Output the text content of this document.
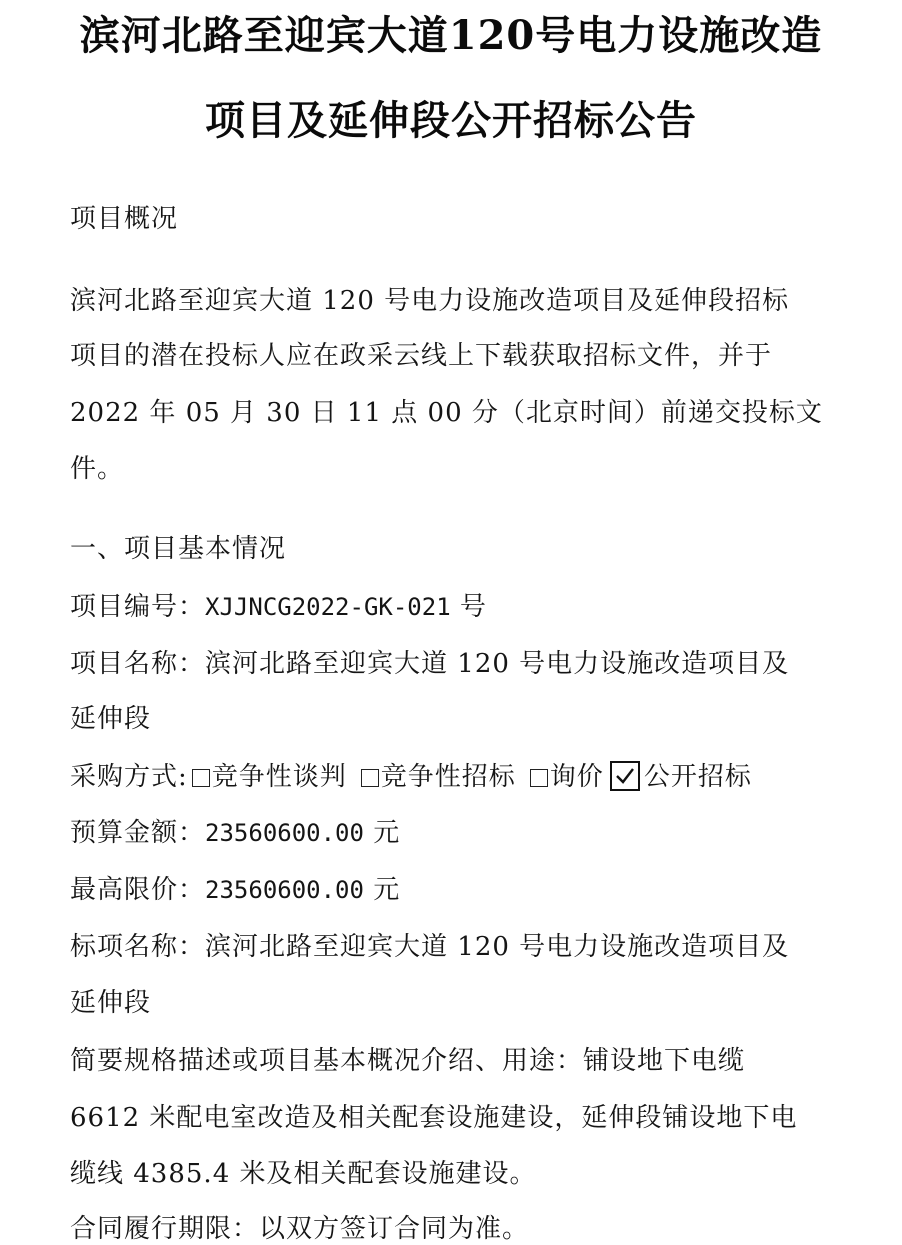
滨河北路至迎宾大道120号电力设施改造
项目及延伸段公开招标公告
项目概况
滨河北路至迎宾大道 120 号电力设施改造项目及延伸段招标
项目的潜在投标人应在政采云线上下载获取招标文件，并于
2022 年 05 月 30 日 11 点 00 分（北京时间）前递交投标文
件。
一、项目基本情况
项目编号：XJJNCG2022-GK-021 号
项目名称：滨河北路至迎宾大道 120 号电力设施改造项目及
延伸段
采购方式: 竞争性谈判 竞争性招标 询价 公开招标
预算金额：23560600.00 元
最高限价：23560600.00 元
标项名称：滨河北路至迎宾大道 120 号电力设施改造项目及
延伸段
简要规格描述或项目基本概况介绍、用途：铺设地下电缆
6612 米配电室改造及相关配套设施建设，延伸段铺设地下电
缆线 4385.4 米及相关配套设施建设。
合同履行期限：以双方签订合同为准。
